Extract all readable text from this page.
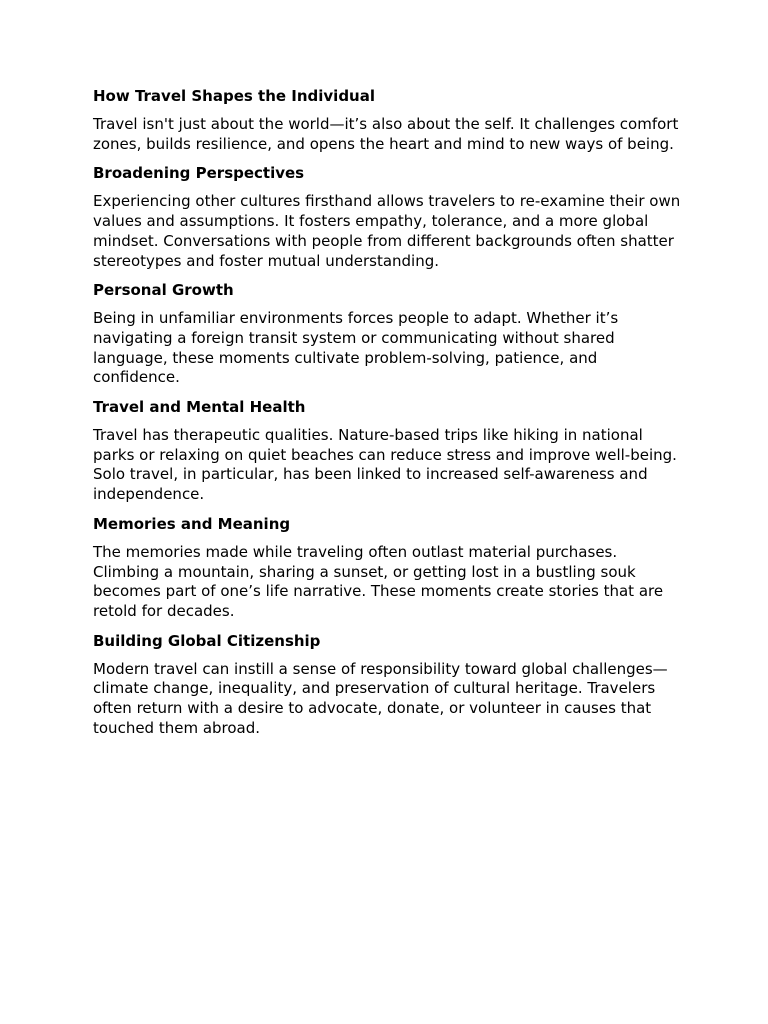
How Travel Shapes the Individual
Travel isn't just about the world—it’s also about the self. It challenges comfort zones, builds resilience, and opens the heart and mind to new ways of being.
Broadening Perspectives
Experiencing other cultures firsthand allows travelers to re-examine their own values and assumptions. It fosters empathy, tolerance, and a more global mindset. Conversations with people from different backgrounds often shatter stereotypes and foster mutual understanding.
Personal Growth
Being in unfamiliar environments forces people to adapt. Whether it’s navigating a foreign transit system or communicating without shared language, these moments cultivate problem-solving, patience, and confidence.
Travel and Mental Health
Travel has therapeutic qualities. Nature-based trips like hiking in national parks or relaxing on quiet beaches can reduce stress and improve well-being. Solo travel, in particular, has been linked to increased self-awareness and independence.
Memories and Meaning
The memories made while traveling often outlast material purchases. Climbing a mountain, sharing a sunset, or getting lost in a bustling souk becomes part of one’s life narrative. These moments create stories that are retold for decades.
Building Global Citizenship
Modern travel can instill a sense of responsibility toward global challenges—climate change, inequality, and preservation of cultural heritage. Travelers often return with a desire to advocate, donate, or volunteer in causes that touched them abroad.
